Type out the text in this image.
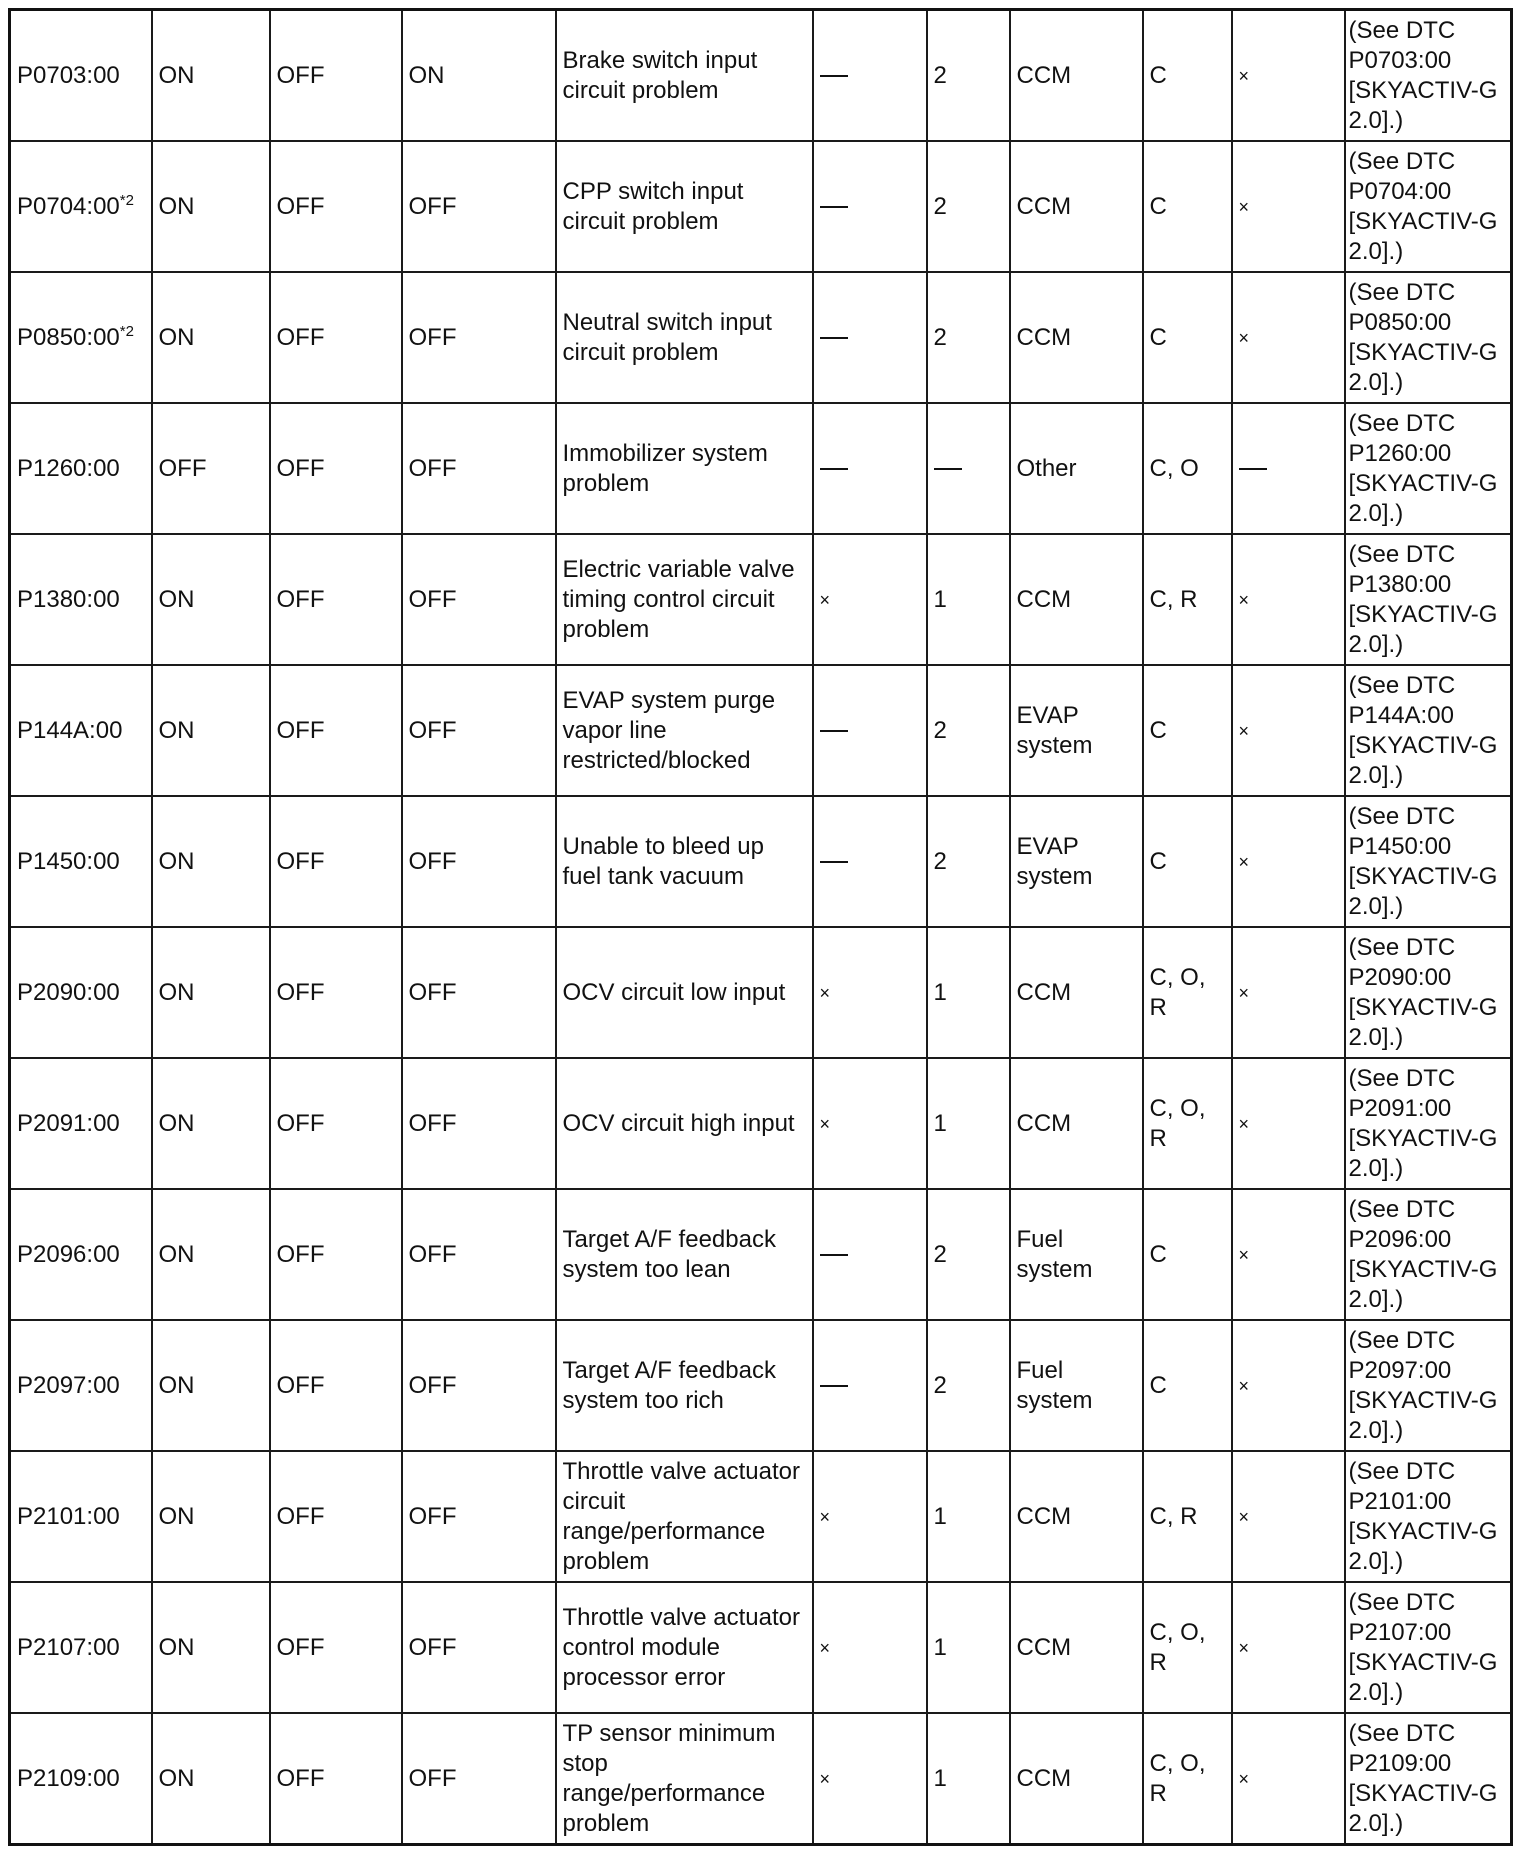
P0703:00	ON	OFF	ON	Brake switch input circuit problem		2	CCM	C	×	(See DTC P0703:00 [SKYACTIV-G 2.0].)
P0704:00$^{*2}$	ON	OFF	OFF	CPP switch input circuit problem		2	CCM	C	×	(See DTC P0704:00 [SKYACTIV-G 2.0].)
P0850:00$^{*2}$	ON	OFF	OFF	Neutral switch input circuit problem		2	CCM	C	×	(See DTC P0850:00 [SKYACTIV-G 2.0].)
P1260:00	OFF	OFF	OFF	Immobilizer system problem			Other	C, O		(See DTC P1260:00 [SKYACTIV-G 2.0].)
P1380:00	ON	OFF	OFF	Electric variable valve timing control circuit problem	×	1	CCM	C, R	×	(See DTC P1380:00 [SKYACTIV-G 2.0].)
P144A:00	ON	OFF	OFF	EVAP system purge vapor line restricted/blocked		2	EVAP system	C	×	(See DTC P144A:00 [SKYACTIV-G 2.0].)
P1450:00	ON	OFF	OFF	Unable to bleed up fuel tank vacuum		2	EVAP system	C	×	(See DTC P1450:00 [SKYACTIV-G 2.0].)
P2090:00	ON	OFF	OFF	OCV circuit low input	×	1	CCM	C, O, R	×	(See DTC P2090:00 [SKYACTIV-G 2.0].)
P2091:00	ON	OFF	OFF	OCV circuit high input	×	1	CCM	C, O, R	×	(See DTC P2091:00 [SKYACTIV-G 2.0].)
P2096:00	ON	OFF	OFF	Target A/F feedback system too lean		2	Fuel system	C	×	(See DTC P2096:00 [SKYACTIV-G 2.0].)
P2097:00	ON	OFF	OFF	Target A/F feedback system too rich		2	Fuel system	C	×	(See DTC P2097:00 [SKYACTIV-G 2.0].)
P2101:00	ON	OFF	OFF	Throttle valve actuator circuit range/performance problem	×	1	CCM	C, R	×	(See DTC P2101:00 [SKYACTIV-G 2.0].)
P2107:00	ON	OFF	OFF	Throttle valve actuator control module processor error	×	1	CCM	C, O, R	×	(See DTC P2107:00 [SKYACTIV-G 2.0].)
P2109:00	ON	OFF	OFF	TP sensor minimum stop range/performance problem	×	1	CCM	C, O, R	×	(See DTC P2109:00 [SKYACTIV-G 2.0].)
